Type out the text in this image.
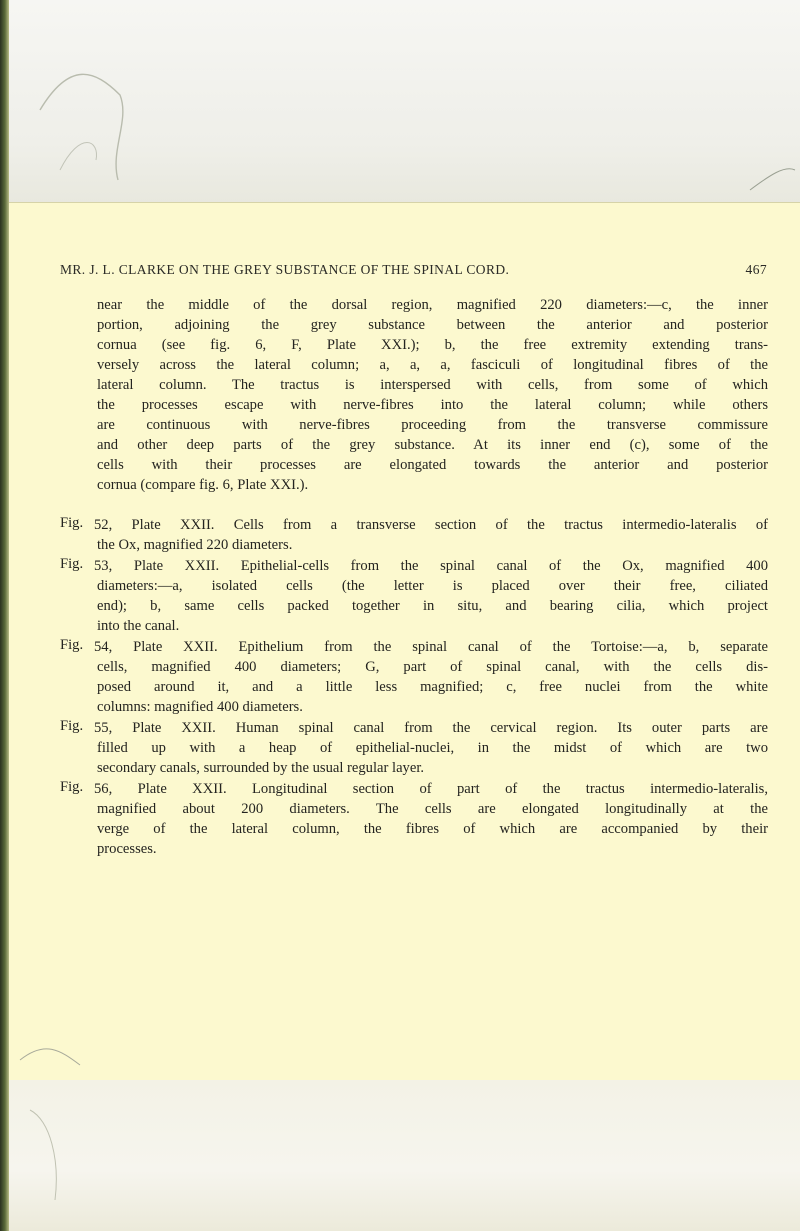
MR. J. L. CLARKE ON THE GREY SUBSTANCE OF THE SPINAL CORD.	467
near the middle of the dorsal region, magnified 220 diameters:—c, the inner
portion, adjoining the grey substance between the anterior and posterior
cornua (see fig. 6, F, Plate XXI.); b, the free extremity extending trans-
versely across the lateral column; a, a, a, fasciculi of longitudinal fibres of the
lateral column. The tractus is interspersed with cells, from some of which
the processes escape with nerve-fibres into the lateral column; while others
are continuous with nerve-fibres proceeding from the transverse commissure
and other deep parts of the grey substance. At its inner end (c), some of the
cells with their processes are elongated towards the anterior and posterior
cornua (compare fig. 6, Plate XXI.).
Fig. 52, Plate XXII. Cells from a transverse section of the tractus intermedio-lateralis of
the Ox, magnified 220 diameters.
Fig. 53, Plate XXII. Epithelial-cells from the spinal canal of the Ox, magnified 400
diameters:—a, isolated cells (the letter is placed over their free, ciliated
end); b, same cells packed together in situ, and bearing cilia, which project
into the canal.
Fig. 54, Plate XXII. Epithelium from the spinal canal of the Tortoise:—a, b, separate
cells, magnified 400 diameters; G, part of spinal canal, with the cells dis-
posed around it, and a little less magnified; c, free nuclei from the white
columns: magnified 400 diameters.
Fig. 55, Plate XXII. Human spinal canal from the cervical region. Its outer parts are
filled up with a heap of epithelial-nuclei, in the midst of which are two
secondary canals, surrounded by the usual regular layer.
Fig. 56, Plate XXII. Longitudinal section of part of the tractus intermedio-lateralis,
magnified about 200 diameters. The cells are elongated longitudinally at the
verge of the lateral column, the fibres of which are accompanied by their
processes.
